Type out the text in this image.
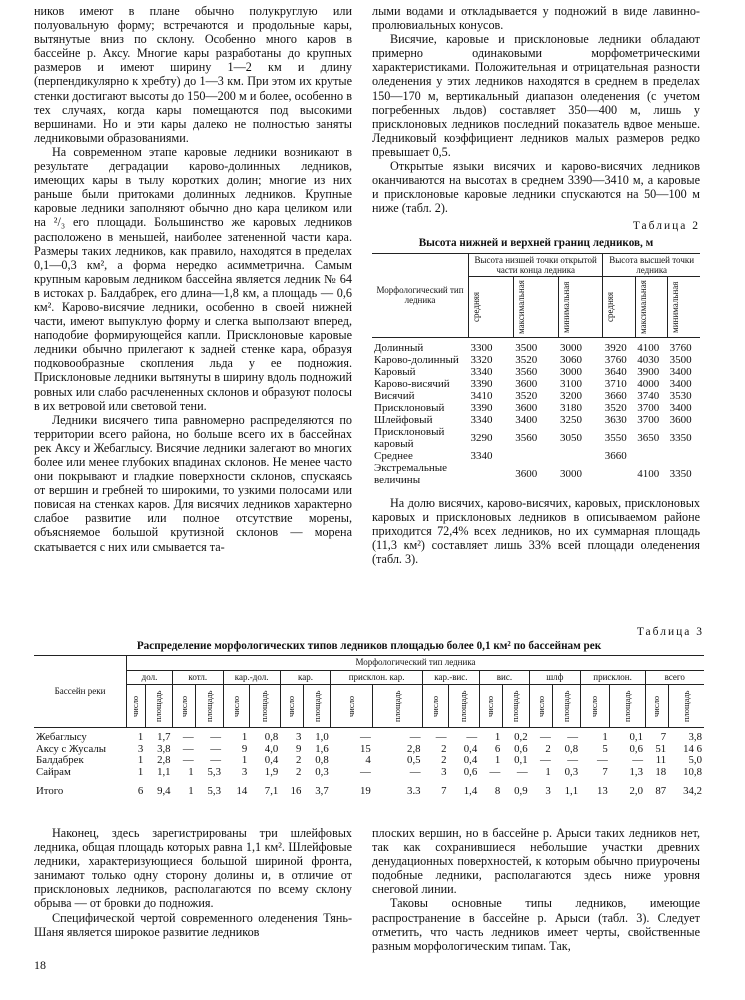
ников имеют в плане обычно полукруглую или полуовальную форму; встречаются и продольные кары, вытянутые вниз по склону. Особенно много каров в бассейне р. Аксу. Многие кары разработаны до крупных размеров и имеют ширину 1—2 км и длину (перпендикулярно к хребту) до 1—3 км. При этом их крутые стенки достигают высоты до 150—200 м и более, особенно в тех случаях, когда кары помещаются под высокими вершинами. Но и эти кары далеко не полностью заняты ледниковыми образованиями.

На современном этапе каровые ледники возникают в результате деградации карово-долинных ледников, имеющих кары в тылу коротких долин; многие из них раньше были притоками долинных ледников. Крупные каровые ледники заполняют обычно дно кара целиком или на ²/₃ его площади. Большинство же каровых ледников расположено в меньшей, наиболее затененной части кара. Размеры таких ледников, как правило, находятся в пределах 0,1—0,3 км², а форма нередко асимметрична. Самым крупным каровым ледником бассейна является ледник № 64 в истоках р. Балдабрек, его длина—1,8 км, а площадь — 0,6 км². Карово-висячие ледники, особенно в своей нижней части, имеют выпуклую форму и слегка выползают вперед, наподобие формирующейся капли. Присклоновые каровые ледники обычно прилегают к задней стенке кара, образуя подковообразные скопления льда у ее подножия. Присклоновые ледники вытянуты в ширину вдоль подножий ровных или слабо расчлененных склонов и образуют полосы в их ветровой или световой тени.

Ледники висячего типа равномерно распределяются по территории всего района, но больше всего их в бассейнах рек Аксу и Жебаглысу. Висячие ледники залегают во многих более или менее глубоких впадинах склонов. Не менее часто они покрывают и гладкие поверхности склонов, спускаясь от вершин и гребней то широкими, то узкими полосами или повисая на стенках каров. Для висячих ледников характерно слабое развитие или полное отсутствие морены, объясняемое большой крутизной склонов — морена скатывается с них или смывается та-

лыми водами и откладывается у подножий в виде лавинно-пролювиальных конусов.

Висячие, каровые и присклоновые ледники обладают примерно одинаковыми морфометрическими характеристиками. Положительная и отрицательная разности оледенения у этих ледников находятся в среднем в пределах 150—170 м, вертикальный диапазон оледенения (с учетом погребенных льдов) составляет 350—400 м, лишь у присклоновых ледников последний показатель вдвое меньше. Ледниковый коэффициент ледников малых размеров редко превышает 0,5.

Открытые языки висячих и карово-висячих ледников оканчиваются на высотах в среднем 3390—3410 м, а каровые и присклоновые каровые ледники спускаются на 50—100 м ниже (табл. 2).

Таблица 2
Высота нижней и верхней границ ледников, м
Морфологический тип ледника	Высота низшей точки открытой части конца ледника			Высота высшей точки ледника		

	средняя	максимальная	минимальная	средняя	максимальная	минимальная

Долинный	3300	3500	3000	3920	4100	3760
Карово-долинный	3320	3520	3060	3760	4030	3500
Каровый	3340	3560	3000	3640	3900	3400
Карово-висячий	3390	3600	3100	3710	4000	3400
Висячий	3410	3520	3200	3660	3740	3530
Присклоновый	3390	3600	3180	3520	3700	3400
Шлейфовый	3340	3400	3250	3630	3700	3600
Присклоновый каровый	3290	3560	3050	3550	3650	3350
Среднее	3340			3660		
Экстремальные величины		3600	3000		4100	3350

На долю висячих, карово-висячих, каровых, присклоновых каровых и присклоновых ледников в описываемом районе приходится 72,4% всех ледников, но их суммарная площадь (11,3 км²) составляет лишь 33% всей площади оледенения (табл. 3).

Таблица 3
Распределение морфологических типов ледников площадью более 0,1 км² по бассейнам рек
Бассейн реки	Морфологический тип ледника																			
	дол.		котл.		кар.-дол.		кар.		присклон. кар.		кар.-вис.		вис.		шлф		присклон.		всего	

	число	площадь	число	площадь	число	площадь	число	площадь	число	площадь	число	площадь	число	площадь	число	площадь	число	площадь	число	площадь

Жебаглысу	1	1,7	—	—	1	0,8	3	1,0	—	—	—	—	1	0,2	—	—	1	0,1	7	3,8
Аксу с Жусалы	3	3,8	—	—	9	4,0	9	1,6	15	2,8	2	0,4	6	0,6	2	0,8	5	0,6	51	14 6
Балдабрек	1	2,8	—	—	1	0,4	2	0,8	4	0,5	2	0,4	1	0,1	—	—	—	—	11	5,0
Сайрам	1	1,1	1	5,3	3	1,9	2	0,3	—	—	3	0,6	—	—	1	0,3	7	1,3	18	10,8
Итого	6	9,4	1	5,3	14	7,1	16	3,7	19	3.3	7	1,4	8	0,9	3	1,1	13	2,0	87	34,2

Наконец, здесь зарегистрированы три шлейфовых ледника, общая площадь которых равна 1,1 км². Шлейфовые ледники, характеризующиеся большой шириной фронта, занимают только одну сторону долины и, в отличие от присклоновых ледников, располагаются по всему склону обрыва — от бровки до подножия.

Специфической чертой современного оледенения Тянь-Шаня является широкое развитие ледников

плоских вершин, но в бассейне р. Арыси таких ледников нет, так как сохранившиеся небольшие участки древних денудационных поверхностей, к которым обычно приурочены подобные ледники, располагаются здесь ниже уровня снеговой линии.

Таковы основные типы ледников, имеющие распространение в бассейне р. Арыси (табл. 3). Следует отметить, что часть ледников имеет черты, свойственные разным морфологическим типам. Так,

18
